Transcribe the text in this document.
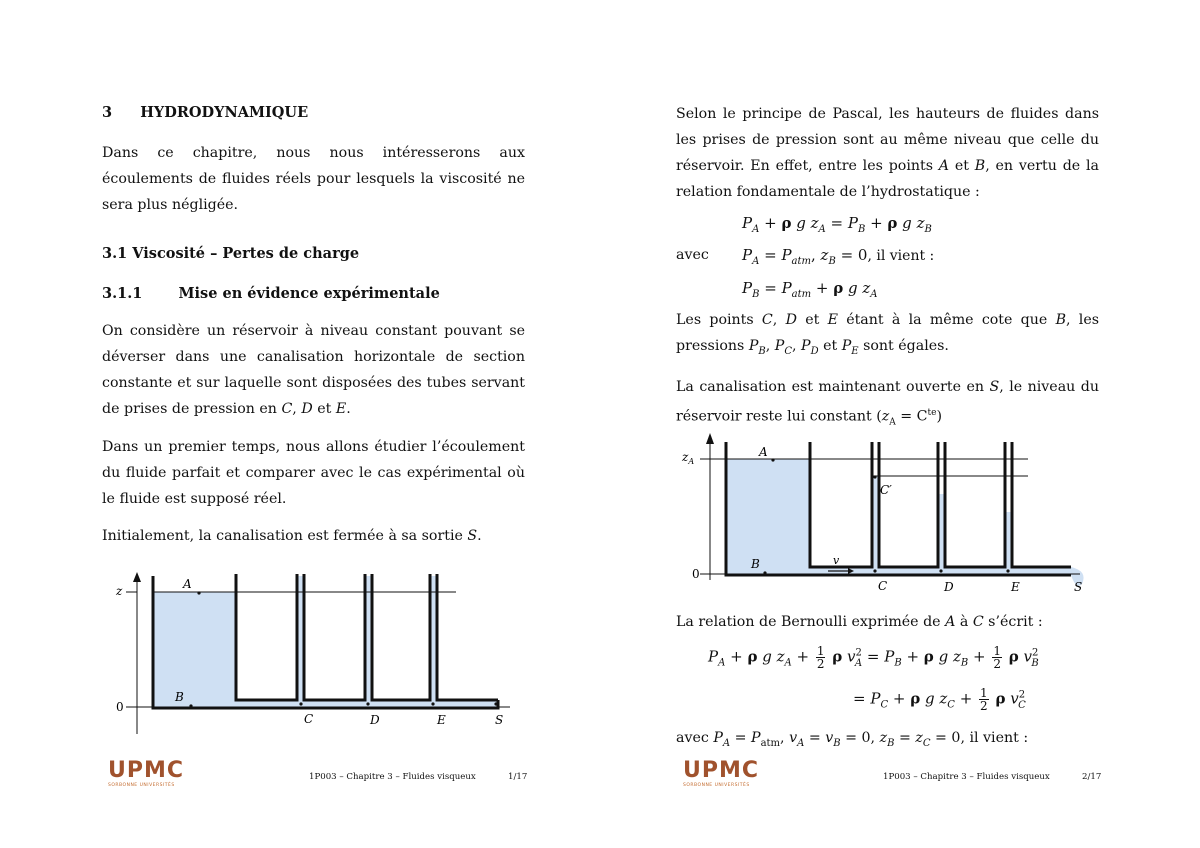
3 HYDRODYNAMIQUE

Dans ce chapitre, nous nous intéresserons aux écoulements de fluides réels pour lesquels la viscosité ne sera plus négligée.

3.1 Viscosité – Pertes de charge
3.1.1 Mise en évidence expérimentale

On considère un réservoir à niveau constant pouvant se déverser dans une canalisation horizontale de section constante et sur laquelle sont disposées des tubes servant de prises de pression en C, D et E.

Dans un premier temps, nous allons étudier l’écoulement du fluide parfait et comparer avec le cas expérimental où le fluide est supposé réel.

Initialement, la canalisation est fermée à sa sortie S.

z
0
A
B
C	D	E	S
UPMC
SORBONNE UNIVERSITÉS
1P003 – Chapitre 3 – Fluides visqueux	1/17

Selon le principe de Pascal, les hauteurs de fluides dans les prises de pression sont au même niveau que celle du réservoir. En effet, entre les points A et B, en vertu de la relation fondamentale de l’hydrostatique :

$P_A + \rho$ g $z_A = P_B + \rho$ g $z_B$
avec $P_A = P_{atm}$, $z_B = 0$, il vient :
$P_B = P_{atm} + \rho$ g $z_A$

Les points C, D et E étant à la même cote que B, les pressions $P_B$, $P_C$, $P_D$ et $P_E$ sont égales.

La canalisation est maintenant ouverte en S, le niveau du réservoir reste lui constant $(z_A = C^{te})$

$z_A$
0
A
B
C′
v
C	D	E	S

La relation de Bernoulli exprimée de A à C s’écrit :

$P_A + \rho$ g $z_A + \frac{1}{2}$ ρ $v^2_A = P_B + \rho$ g $z_B + \frac{1}{2}$ ρ $v^2_B$
= $P_C + \rho$ g $z_C + \frac{1}{2}$ ρ $v^2_C$
avec $P_A = P_{atm}$, $v_A = v_B = 0$, $z_B = z_C = 0$, il vient :
UPMC
SORBONNE UNIVERSITÉS
1P003 – Chapitre 3 – Fluides visqueux	2/17
